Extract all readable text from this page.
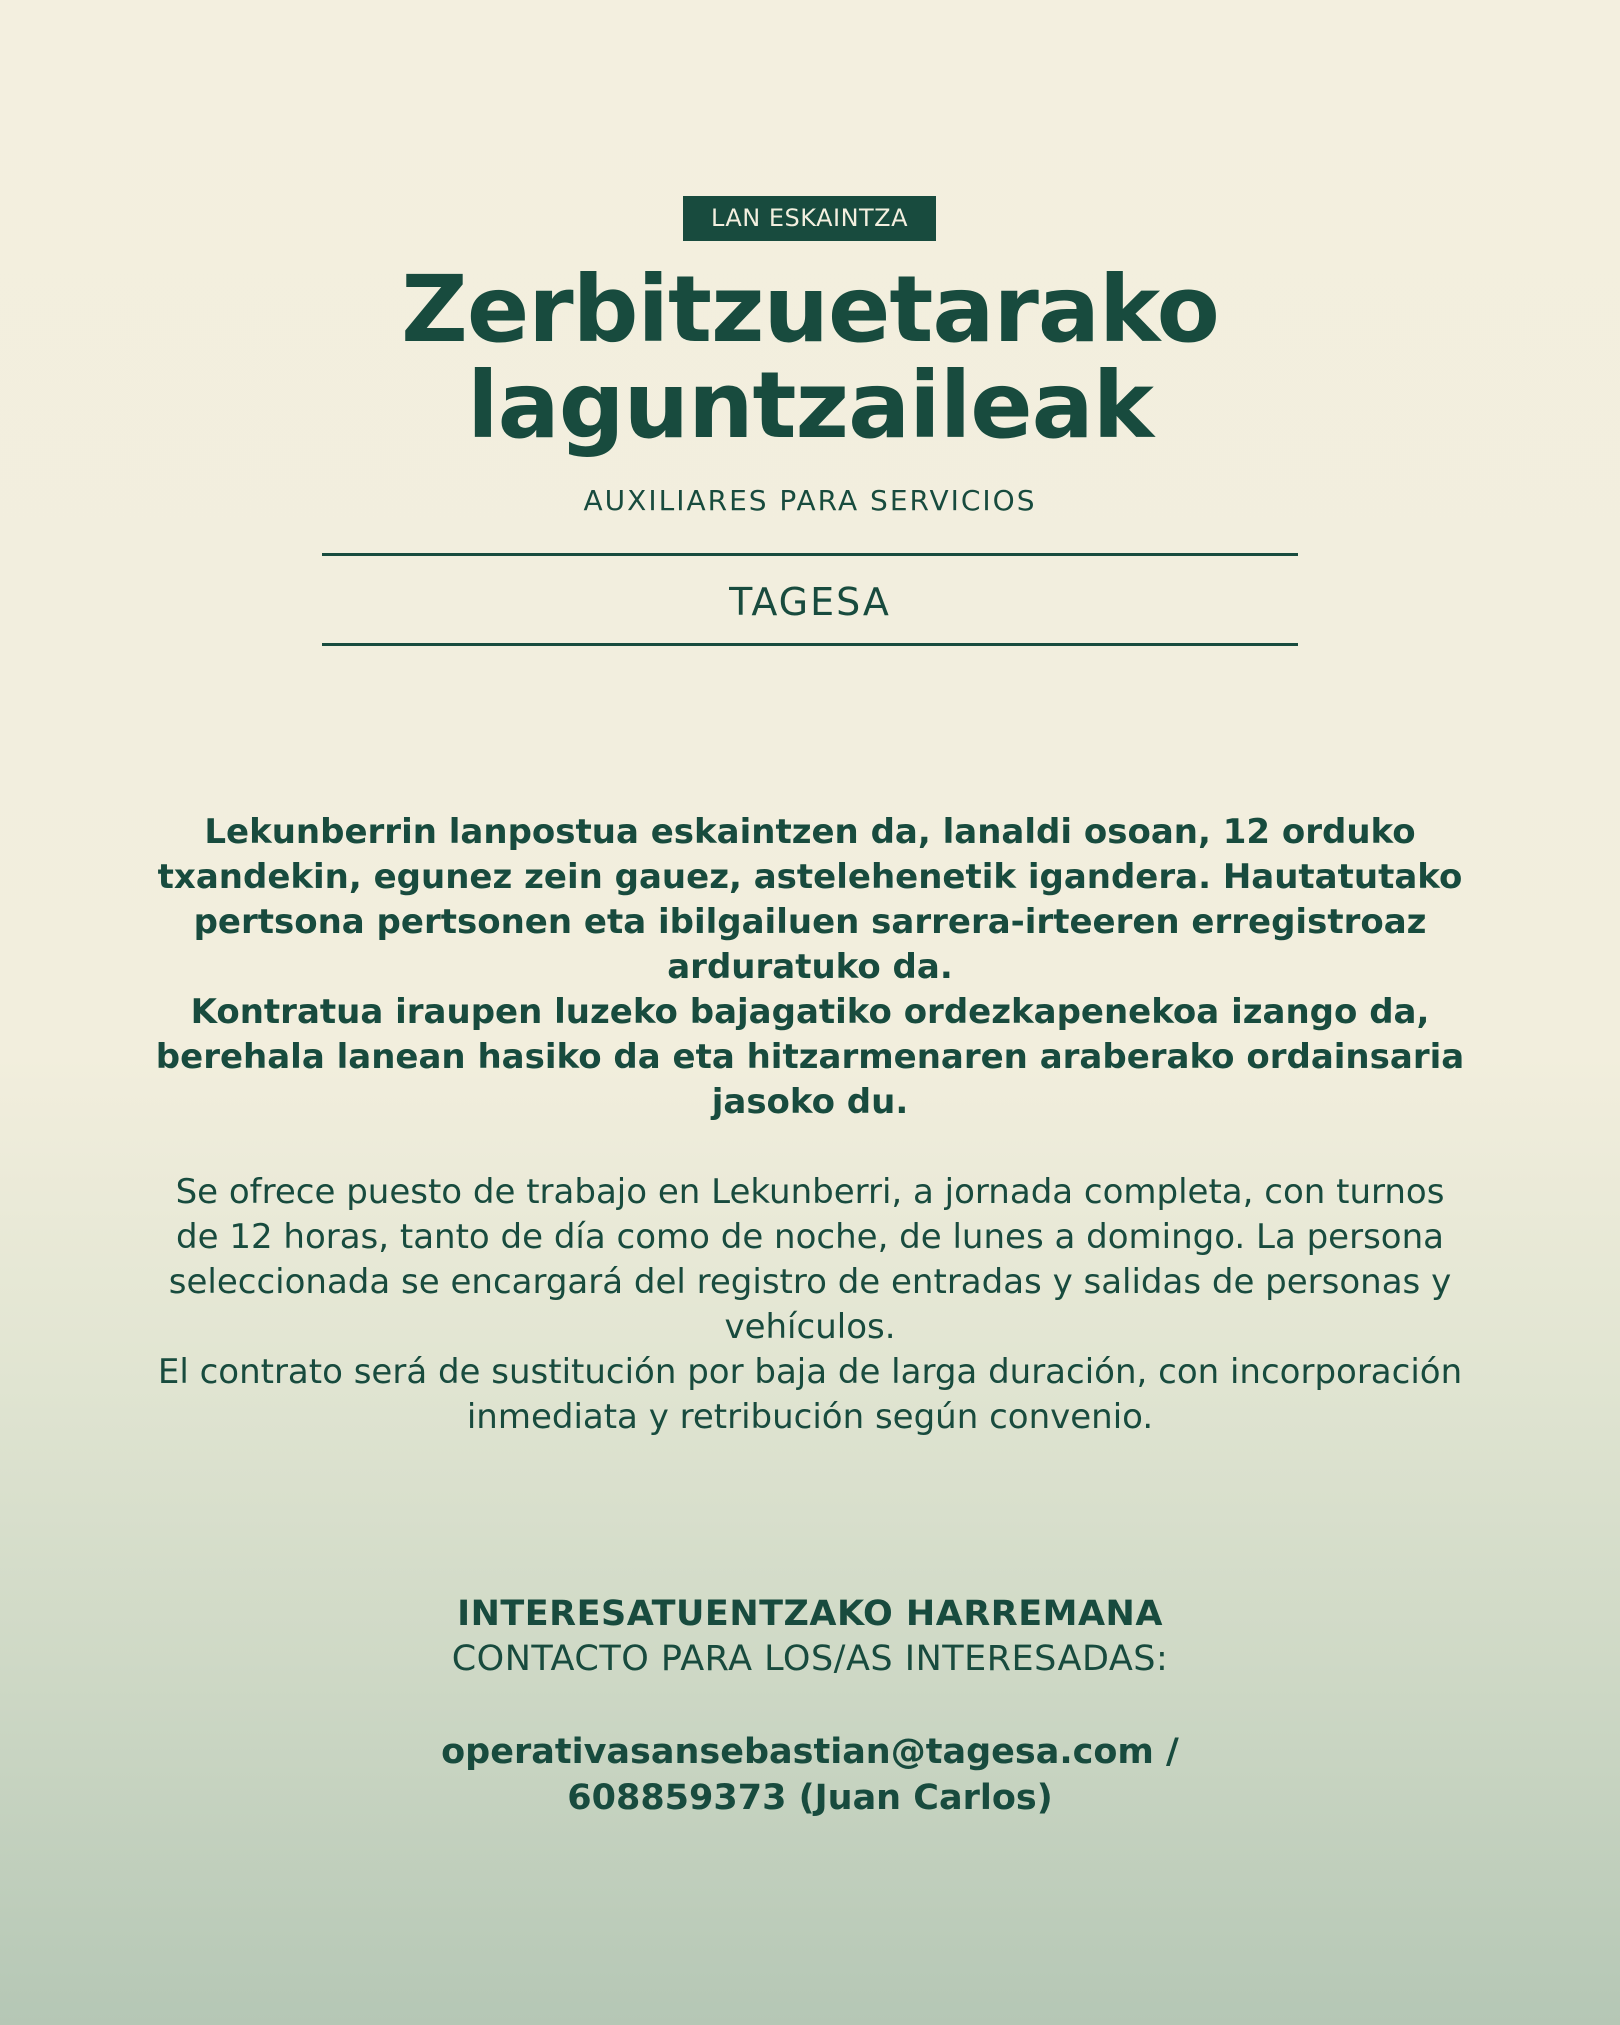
LAN ESKAINTZA
Zerbitzuetarako
laguntzaileak
AUXILIARES PARA SERVICIOS
TAGESA

Lekunberrin lanpostua eskaintzen da, lanaldi osoan, 12 orduko txandekin, egunez zein gauez, astelehenetik igandera. Hautatutako pertsona pertsonen eta ibilgailuen sarrera-irteeren erregistroaz arduratuko da.

Kontratua iraupen luzeko bajagatiko ordezkapenekoa izango da, berehala lanean hasiko da eta hitzarmenaren araberako ordainsaria jasoko du.

Se ofrece puesto de trabajo en Lekunberri, a jornada completa, con turnos de 12 horas, tanto de día como de noche, de lunes a domingo. La persona seleccionada se encargará del registro de entradas y salidas de personas y vehículos.

El contrato será de sustitución por baja de larga duración, con incorporación inmediata y retribución según convenio.

INTERESATUENTZAKO HARREMANA
CONTACTO PARA LOS/AS INTERESADAS:
operativasansebastian@tagesa.com /
608859373 (Juan Carlos)
